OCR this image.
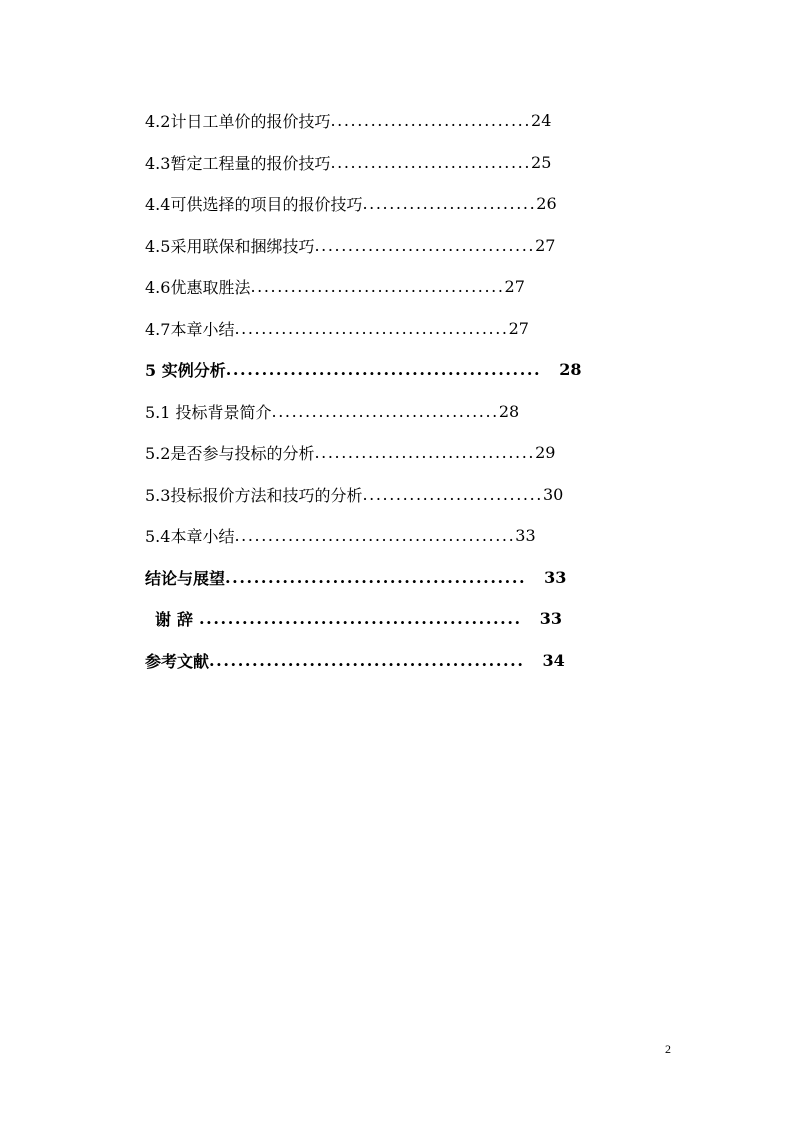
4.2计日工单价的报价技巧 .............................. 24
4.3暂定工程量的报价技巧 .............................. 25
4.4可供选择的项目的报价技巧 .......................... 26
4.5采用联保和捆绑技巧 ................................. 27
4.6优惠取胜法 ...................................... 27
4.7本章小结 ......................................... 27
5 实例分析 ............................................ 28
5.1 投标背景简介 .................................. 28
5.2是否参与投标的分析 ................................. 29
5.3投标报价方法和技巧的分析 ........................... 30
5.4本章小结 .......................................... 33
结论与展望 .......................................... 33
谢辞 ............................................. 33
参考文献 ............................................ 34
2
